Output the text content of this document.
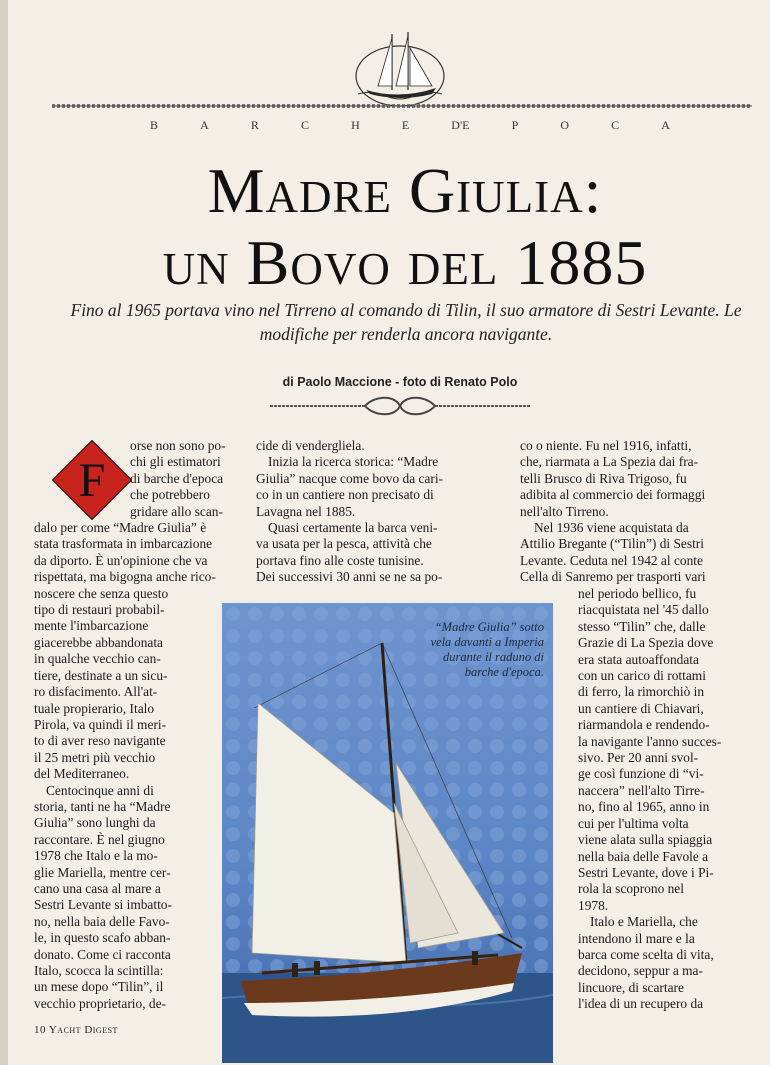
B	A	R	C	H	E	D'E	P	O	C	A
Madre Giulia:
un Bovo del 1885
Fino al 1965 portava vino nel Tirreno al comando di Tilin, il suo armatore di Sestri Levante. Le modifiche per renderla ancora navigante.
di Paolo Maccione - foto di Renato Polo
F
orse non sono po-
chi gli estimatori
di barche d'epoca
che potrebbero
gridare allo scan-
dalo per come “Madre Giulia” è
stata trasformata in imbarcazione
da diporto. È un'opinione che va
rispettata, ma bigogna anche rico-
noscere che senza questo
tipo di restauri probabil-
mente l'imbarcazione
giacerebbe abbandonata
in qualche vecchio can-
tiere, destinate a un sicu-
ro disfacimento. All'at-
tuale propierario, Italo
Pirola, va quindi il meri-
to di aver reso navigante
il 25 metri più vecchio
del Mediterraneo.
Centocinque anni di
storia, tanti ne ha “Madre
Giulia” sono lunghi da
raccontare. È nel giugno
1978 che Italo e la mo-
glie Mariella, mentre cer-
cano una casa al mare a
Sestri Levante si imbatto-
no, nella baia delle Favo-
le, in questo scafo abban-
donato. Come ci racconta
Italo, scocca la scintilla:
un mese dopo “Tilin”, il
vecchio proprietario, de-
cide di vendergliela.
Inizia la ricerca storica: “Madre
Giulia” nacque come bovo da cari-
co in un cantiere non precisato di
Lavagna nel 1885.
Quasi certamente la barca veni-
va usata per la pesca, attività che
portava fino alle coste tunisine.
Dei successivi 30 anni se ne sa po-
co o niente. Fu nel 1916, infatti,
che, riarmata a La Spezia dai fra-
telli Brusco di Riva Trigoso, fu
adibita al commercio dei formaggi
nell'alto Tirreno.
Nel 1936 viene acquistata da
Attilio Bregante (“Tilin”) di Sestri
Levante. Ceduta nel 1942 al conte
Cella di Sanremo per trasporti vari
nel periodo bellico, fu
riacquistata nel '45 dallo
stesso “Tilin” che, dalle
Grazie di La Spezia dove
era stata autoaffondata
con un carico di rottami
di ferro, la rimorchiò in
un cantiere di Chiavari,
riarmandola e rendendo-
la navigante l'anno succes-
sivo. Per 20 anni svol-
ge così funzione di “vi-
naccera” nell'alto Tirre-
no, fino al 1965, anno in
cui per l'ultima volta
viene alata sulla spiaggia
nella baia delle Favole a
Sestri Levante, dove i Pi-
rola la scoprono nel
1978.
Italo e Mariella, che
intendono il mare e la
barca come scelta di vita,
decidono, seppur a ma-
lincuore, di scartare
l'idea di un recupero da
“Madre Giulia” sotto vela davanti a Imperia durante il raduno di barche d'epoca.
10 Yacht Digest
